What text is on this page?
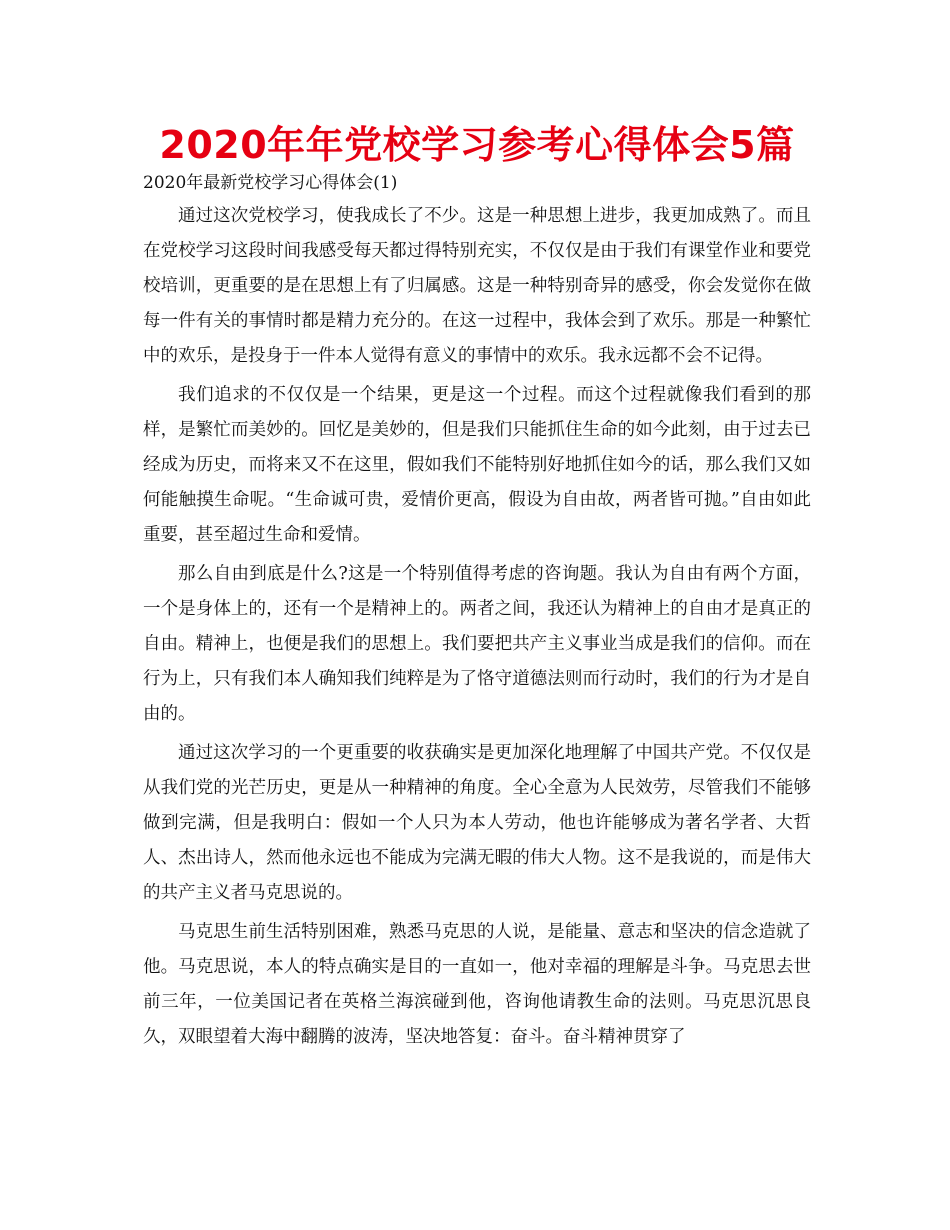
2020年年党校学习参考心得体会5篇
2020年最新党校学习心得体会(1)

通过这次党校学习，使我成长了不少。这是一种思想上进步，我更加成熟了。而且在党校学习这段时间我感受每天都过得特别充实，不仅仅是由于我们有课堂作业和要党校培训，更重要的是在思想上有了归属感。这是一种特别奇异的感受，你会发觉你在做每一件有关的事情时都是精力充分的。在这一过程中，我体会到了欢乐。那是一种繁忙中的欢乐，是投身于一件本人觉得有意义的事情中的欢乐。我永远都不会不记得。

我们追求的不仅仅是一个结果，更是这一个过程。而这个过程就像我们看到的那样，是繁忙而美妙的。回忆是美妙的，但是我们只能抓住生命的如今此刻，由于过去已经成为历史，而将来又不在这里，假如我们不能特别好地抓住如今的话，那么我们又如何能触摸生命呢。“生命诚可贵，爱情价更高，假设为自由故，两者皆可抛。”自由如此重要，甚至超过生命和爱情。

那么自由到底是什么?这是一个特别值得考虑的咨询题。我认为自由有两个方面，一个是身体上的，还有一个是精神上的。两者之间，我还认为精神上的自由才是真正的自由。精神上，也便是我们的思想上。我们要把共产主义事业当成是我们的信仰。而在行为上，只有我们本人确知我们纯粹是为了恪守道德法则而行动时，我们的行为才是自由的。

通过这次学习的一个更重要的收获确实是更加深化地理解了中国共产党。不仅仅是从我们党的光芒历史，更是从一种精神的角度。全心全意为人民效劳，尽管我们不能够做到完满，但是我明白：假如一个人只为本人劳动，他也许能够成为著名学者、大哲人、杰出诗人，然而他永远也不能成为完满无暇的伟大人物。这不是我说的，而是伟大的共产主义者马克思说的。

马克思生前生活特别困难，熟悉马克思的人说，是能量、意志和坚决的信念造就了他。马克思说，本人的特点确实是目的一直如一，他对幸福的理解是斗争。马克思去世前三年，一位美国记者在英格兰海滨碰到他，咨询他请教生命的法则。马克思沉思良久，双眼望着大海中翻腾的波涛，坚决地答复：奋斗。奋斗精神贯穿了
